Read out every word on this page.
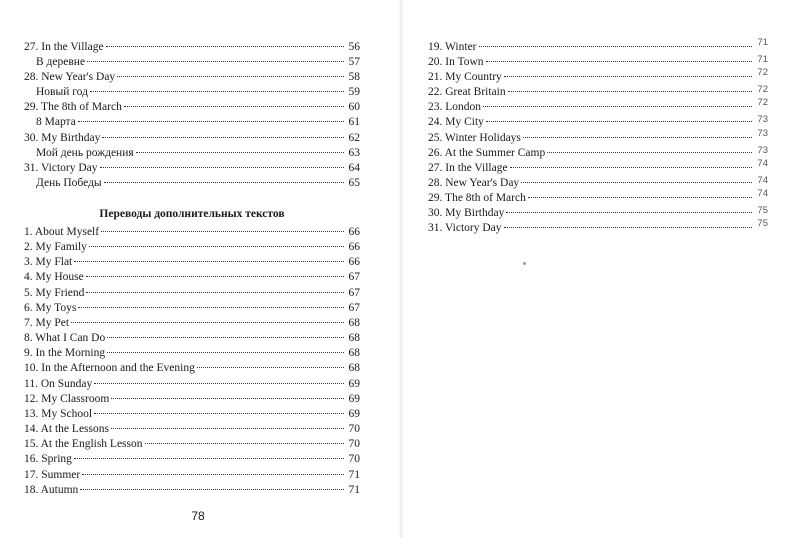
27. In the Village	56
В деревне	57
28. New Year's Day	58
Новый год	59
29. The 8th of March	60
8 Марта	61
30. My Birthday	62
Мой день рождения	63
31. Victory Day	64
День Победы	65
Переводы дополнительных текстов
1. About Myself	66
2. My Family	66
3. My Flat	66
4. My House	67
5. My Friend	67
6. My Toys	67
7. My Pet	68
8. What I Can Do	68
9. In the Morning	68
10. In the Afternoon and the Evening	68
11. On Sunday	69
12. My Classroom	69
13. My School	69
14. At the Lessons	70
15. At the English Lesson	70
16. Spring	70
17. Summer	71
18. Autumn	71

78

19. Winter	71
20. In Town	71
21. My Country	72
22. Great Britain	72
23. London	72
24. My City	73
25. Winter Holidays	73
26. At the Summer Camp	73
27. In the Village	74
28. New Year's Day	74
29. The 8th of March	74
30. My Birthday	75
31. Victory Day	75
